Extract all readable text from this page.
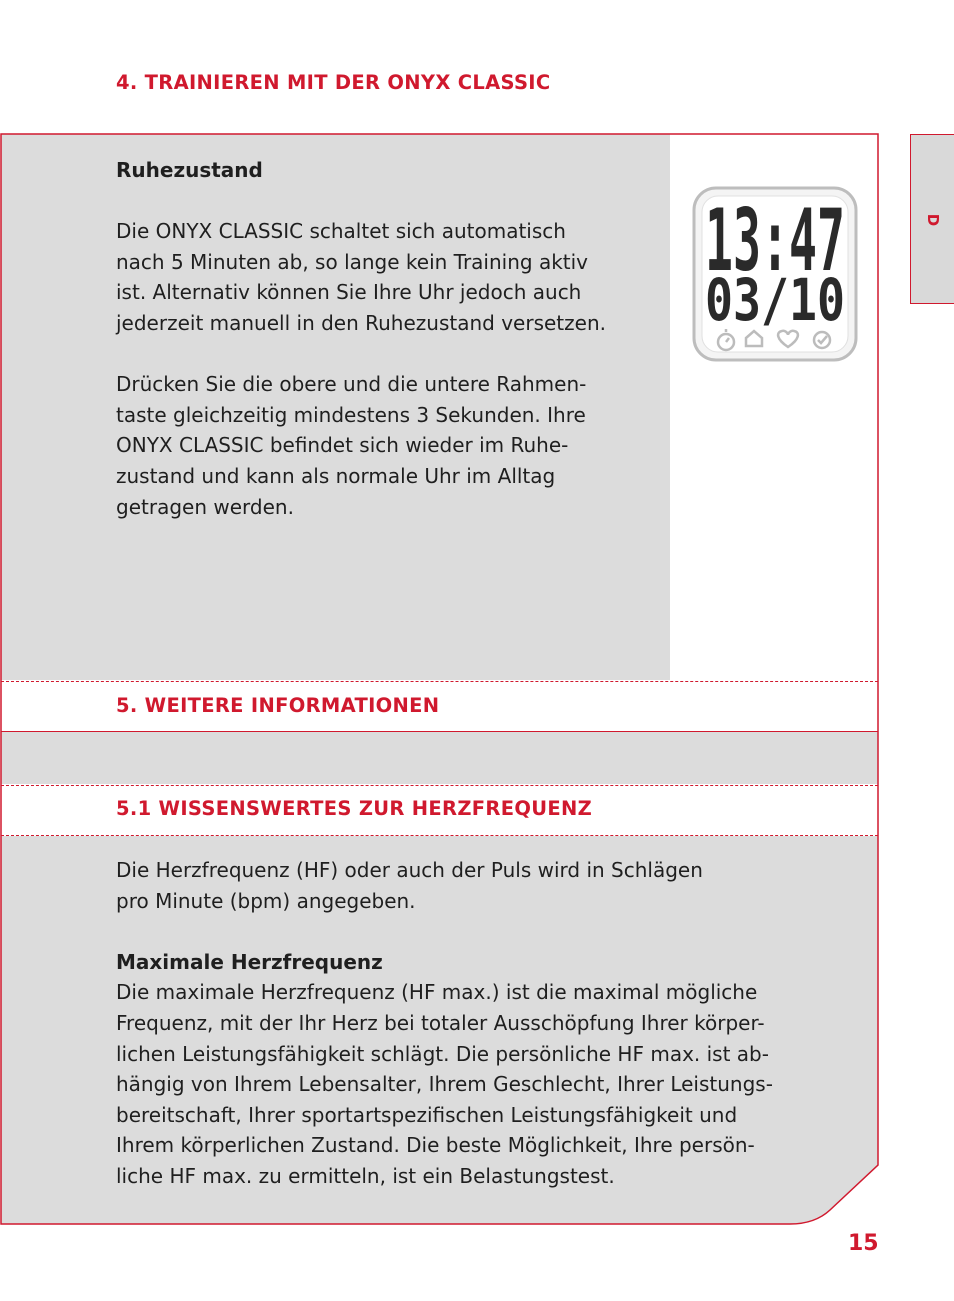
4. TRAINIEREN MIT DER ONYX CLASSIC
D

Ruhezustand

Die ONYX CLASSIC schaltet sich automatisch

nach 5 Minuten ab, so lange kein Training aktiv

ist. Alternativ können Sie Ihre Uhr jedoch auch

jederzeit manuell in den Ruhezustand versetzen.

Drücken Sie die obere und die untere Rahmen-

taste gleichzeitig mindestens 3 Sekunden. Ihre

ONYX CLASSIC befindet sich wieder im Ruhe-

zustand und kann als normale Uhr im Alltag

getragen werden.

13:47
03/10
5. WEITERE INFORMATIONEN
5.1 WISSENSWERTES ZUR HERZFREQUENZ

Die Herzfrequenz (HF) oder auch der Puls wird in Schlägen

pro Minute (bpm) angegeben.

Maximale Herzfrequenz

Die maximale Herzfrequenz (HF max.) ist die maximal mögliche

Frequenz, mit der Ihr Herz bei totaler Ausschöpfung Ihrer körper-

lichen Leistungsfähigkeit schlägt. Die persönliche HF max. ist ab-

hängig von Ihrem Lebensalter, Ihrem Geschlecht, Ihrer Leistungs-

bereitschaft, Ihrer sportartspezifischen Leistungsfähigkeit und

Ihrem körperlichen Zustand. Die beste Möglichkeit, Ihre persön-

liche HF max. zu ermitteln, ist ein Belastungstest.

15
